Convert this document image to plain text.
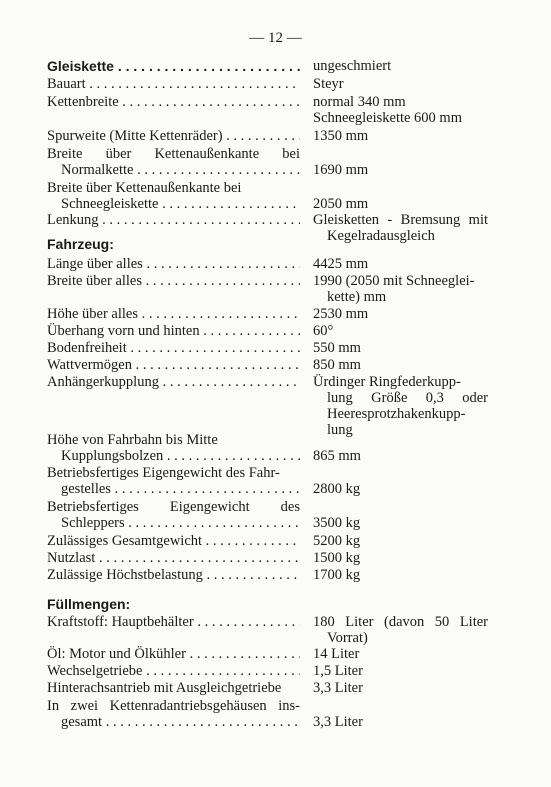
— 12 —
Gleiskette . . .	ungeschmiert
Bauart . . .	Steyr
Kettenbreite . . .	normal 340 mm
Schneegleiskette 600 mm
Spurweite (Mitte Kettenräder) . . .	1350 mm
Breite über Kettenaußenkante bei
Normalkette . . .	1690 mm
Breite über Kettenaußenkante bei
Schneegleiskette . . .	2050 mm
Lenkung . . .	Gleisketten - Bremsung mit
Kegelradausgleich
Fahrzeug:
Länge über alles . . .	4425 mm
Breite über alles . . .	1990 (2050 mit Schneeglei-
kette) mm
Höhe über alles . . .	2530 mm
Überhang vorn und hinten . . .	60°
Bodenfreiheit . . .	550 mm
Wattvermögen . . .	850 mm
Anhängerkupplung . . .	Ürdinger Ringfederkupp-
lung Größe 0,3 oder
Heeresprotzhakenkupp-
lung
Höhe von Fahrbahn bis Mitte
Kupplungsbolzen . . .	865 mm
Betriebsfertiges Eigengewicht des Fahr-
gestelles . . .	2800 kg
Betriebsfertiges Eigengewicht des
Schleppers . . .	3500 kg
Zulässiges Gesamtgewicht . . .	5200 kg
Nutzlast . . .	1500 kg
Zulässige Höchstbelastung . . .	1700 kg
Füllmengen:
Kraftstoff: Hauptbehälter . . .	180 Liter (davon 50 Liter
Vorrat)
Öl: Motor und Ölkühler . . .	14 Liter
Wechselgetriebe . . .	1,5 Liter
Hinterachsantrieb mit Ausgleichgetriebe	3,3 Liter
In zwei Kettenradantriebsgehäusen ins-
gesamt . . .	3,3 Liter
